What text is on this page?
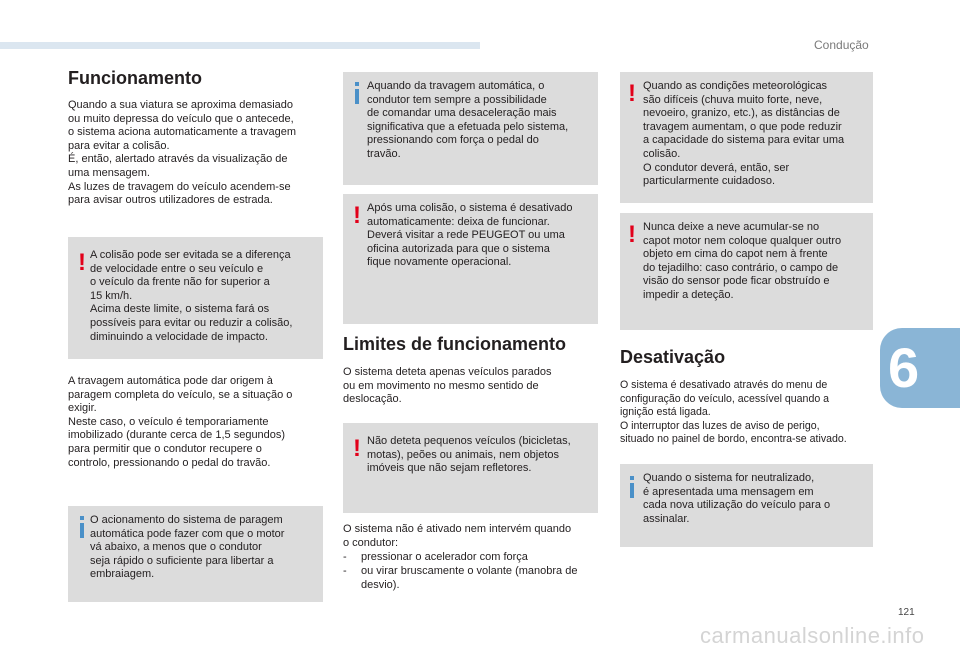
Condução
6
121
carmanualsonline.info
Funcionamento

Quando a sua viatura se aproxima demasiado
ou muito depressa do veículo que o antecede,
o sistema aciona automaticamente a travagem
para evitar a colisão.
É, então, alertado através da visualização de
uma mensagem.
As luzes de travagem do veículo acendem-se
para avisar outros utilizadores de estrada.

! A colisão pode ser evitada se a diferença
de velocidade entre o seu veículo e
o veículo da frente não for superior a
15 km/h.
Acima deste limite, o sistema fará os
possíveis para evitar ou reduzir a colisão,
diminuindo a velocidade de impacto.

A travagem automática pode dar origem à
paragem completa do veículo, se a situação o
exigir.
Neste caso, o veículo é temporariamente
imobilizado (durante cerca de 1,5 segundos)
para permitir que o condutor recupere o
controlo, pressionando o pedal do travão.

O acionamento do sistema de paragem
automática pode fazer com que o motor
vá abaixo, a menos que o condutor
seja rápido o suficiente para libertar a
embraiagem.

Aquando da travagem automática, o
condutor tem sempre a possibilidade
de comandar uma desaceleração mais
significativa que a efetuada pelo sistema,
pressionando com força o pedal do
travão.

! Após uma colisão, o sistema é desativado
automaticamente: deixa de funcionar.
Deverá visitar a rede PEUGEOT ou uma
oficina autorizada para que o sistema
fique novamente operacional.

Limites de funcionamento

O sistema deteta apenas veículos parados
ou em movimento no mesmo sentido de
deslocação.

! Não deteta pequenos veículos (bicicletas,
motas), peões ou animais, nem objetos
imóveis que não sejam refletores.

O sistema não é ativado nem intervém quando
o condutor:

- pressionar o acelerador com força
- ou virar bruscamente o volante (manobra de
desvio).
! Quando as condições meteorológicas
são difíceis (chuva muito forte, neve,
nevoeiro, granizo, etc.), as distâncias de
travagem aumentam, o que pode reduzir
a capacidade do sistema para evitar uma
colisão.
O condutor deverá, então, ser
particularmente cuidadoso.

! Nunca deixe a neve acumular-se no
capot motor nem coloque qualquer outro
objeto em cima do capot nem à frente
do tejadilho: caso contrário, o campo de
visão do sensor pode ficar obstruído e
impedir a deteção.

Desativação

O sistema é desativado através do menu de
configuração do veículo, acessível quando a
ignição está ligada.
O interruptor das luzes de aviso de perigo,
situado no painel de bordo, encontra-se ativado.

Quando o sistema for neutralizado,
é apresentada uma mensagem em
cada nova utilização do veículo para o
assinalar.
